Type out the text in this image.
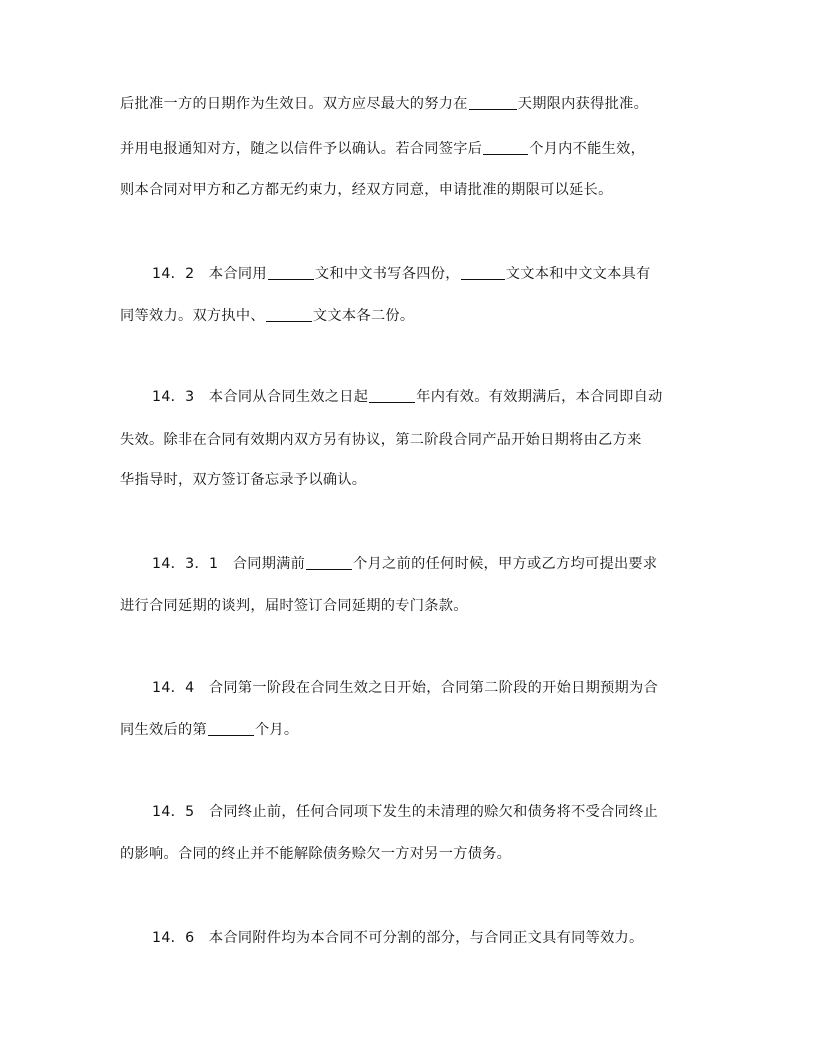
后批准一方的日期作为生效日。双方应尽最大的努力在	天期限内获得批准。
并用电报通知对方，随之以信件予以确认。若合同签字后	个月内不能生效，
则本合同对甲方和乙方都无约束力，经双方同意，申请批准的期限可以延长。
14．2 本合同用	文和中文书写各四份，	文文本和中文文本具有
同等效力。双方执中、	文文本各二份。
14．3 本合同从合同生效之日起	年内有效。有效期满后，本合同即自动
失效。除非在合同有效期内双方另有协议，第二阶段合同产品开始日期将由乙方来
华指导时，双方签订备忘录予以确认。
14．3．1 合同期满前	个月之前的任何时候，甲方或乙方均可提出要求
进行合同延期的谈判，届时签订合同延期的专门条款。
14．4 合同第一阶段在合同生效之日开始，合同第二阶段的开始日期预期为合
同生效后的第	个月。
14．5 合同终止前，任何合同项下发生的未清理的赊欠和债务将不受合同终止
的影响。合同的终止并不能解除债务赊欠一方对另一方债务。
14．6 本合同附件均为本合同不可分割的部分，与合同正文具有同等效力。
